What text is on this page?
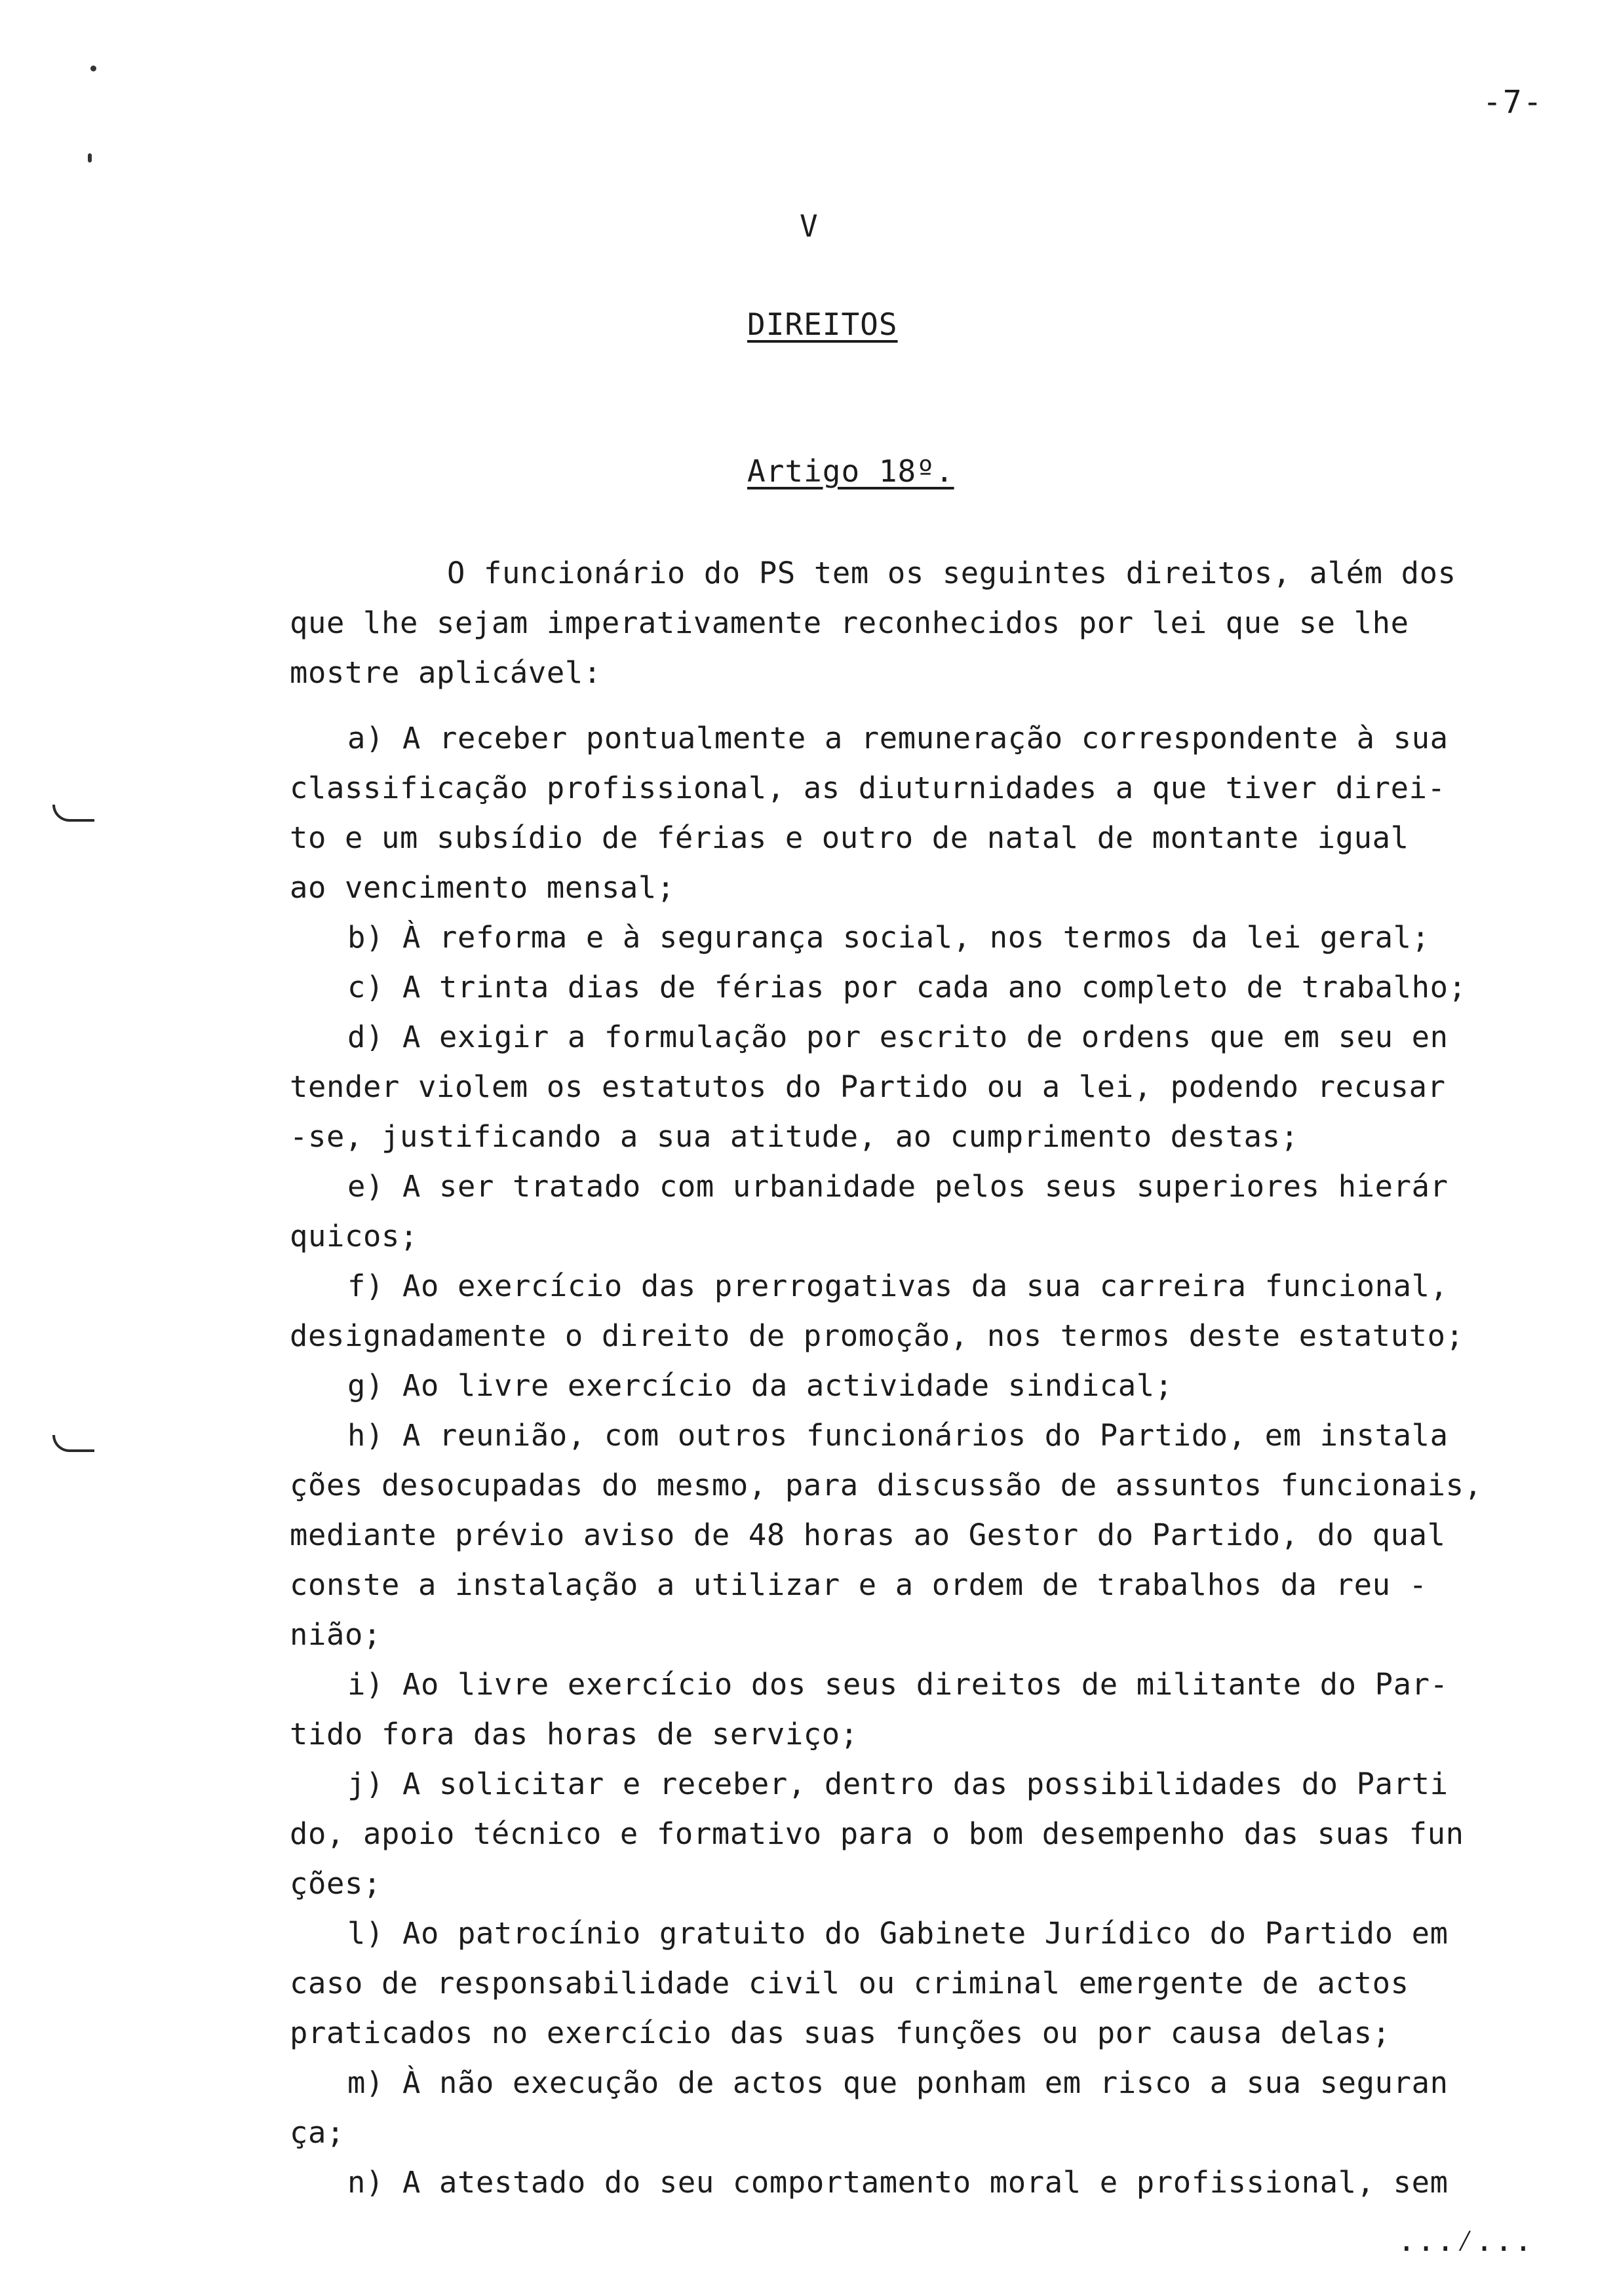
-7-
V
DIREITOS
Artigo 18º.
O funcionário do PS tem os seguintes direitos, além dos
que lhe sejam imperativamente reconhecidos por lei que se lhe
mostre aplicável:
a) A receber pontualmente a remuneração correspondente à sua
classificação profissional, as diuturnidades a que tiver direi-
to e um subsídio de férias e outro de natal de montante igual
ao vencimento mensal;
b) À reforma e à segurança social, nos termos da lei geral;
c) A trinta dias de férias por cada ano completo de trabalho;
d) A exigir a formulação por escrito de ordens que em seu en
tender violem os estatutos do Partido ou a lei, podendo recusar
-se, justificando a sua atitude, ao cumprimento destas;
e) A ser tratado com urbanidade pelos seus superiores hierár
quicos;
f) Ao exercício das prerrogativas da sua carreira funcional,
designadamente o direito de promoção, nos termos deste estatuto;
g) Ao livre exercício da actividade sindical;
h) A reunião, com outros funcionários do Partido, em instala
ções desocupadas do mesmo, para discussão de assuntos funcionais,
mediante prévio aviso de 48 horas ao Gestor do Partido, do qual
conste a instalação a utilizar e a ordem de trabalhos da reu -
nião;
i) Ao livre exercício dos seus direitos de militante do Par-
tido fora das horas de serviço;
j) A solicitar e receber, dentro das possibilidades do Parti
do, apoio técnico e formativo para o bom desempenho das suas fun
ções;
l) Ao patrocínio gratuito do Gabinete Jurídico do Partido em
caso de responsabilidade civil ou criminal emergente de actos
praticados no exercício das suas funções ou por causa delas;
m) À não execução de actos que ponham em risco a sua seguran
ça;
n) A atestado do seu comportamento moral e profissional, sem
...⁄...
